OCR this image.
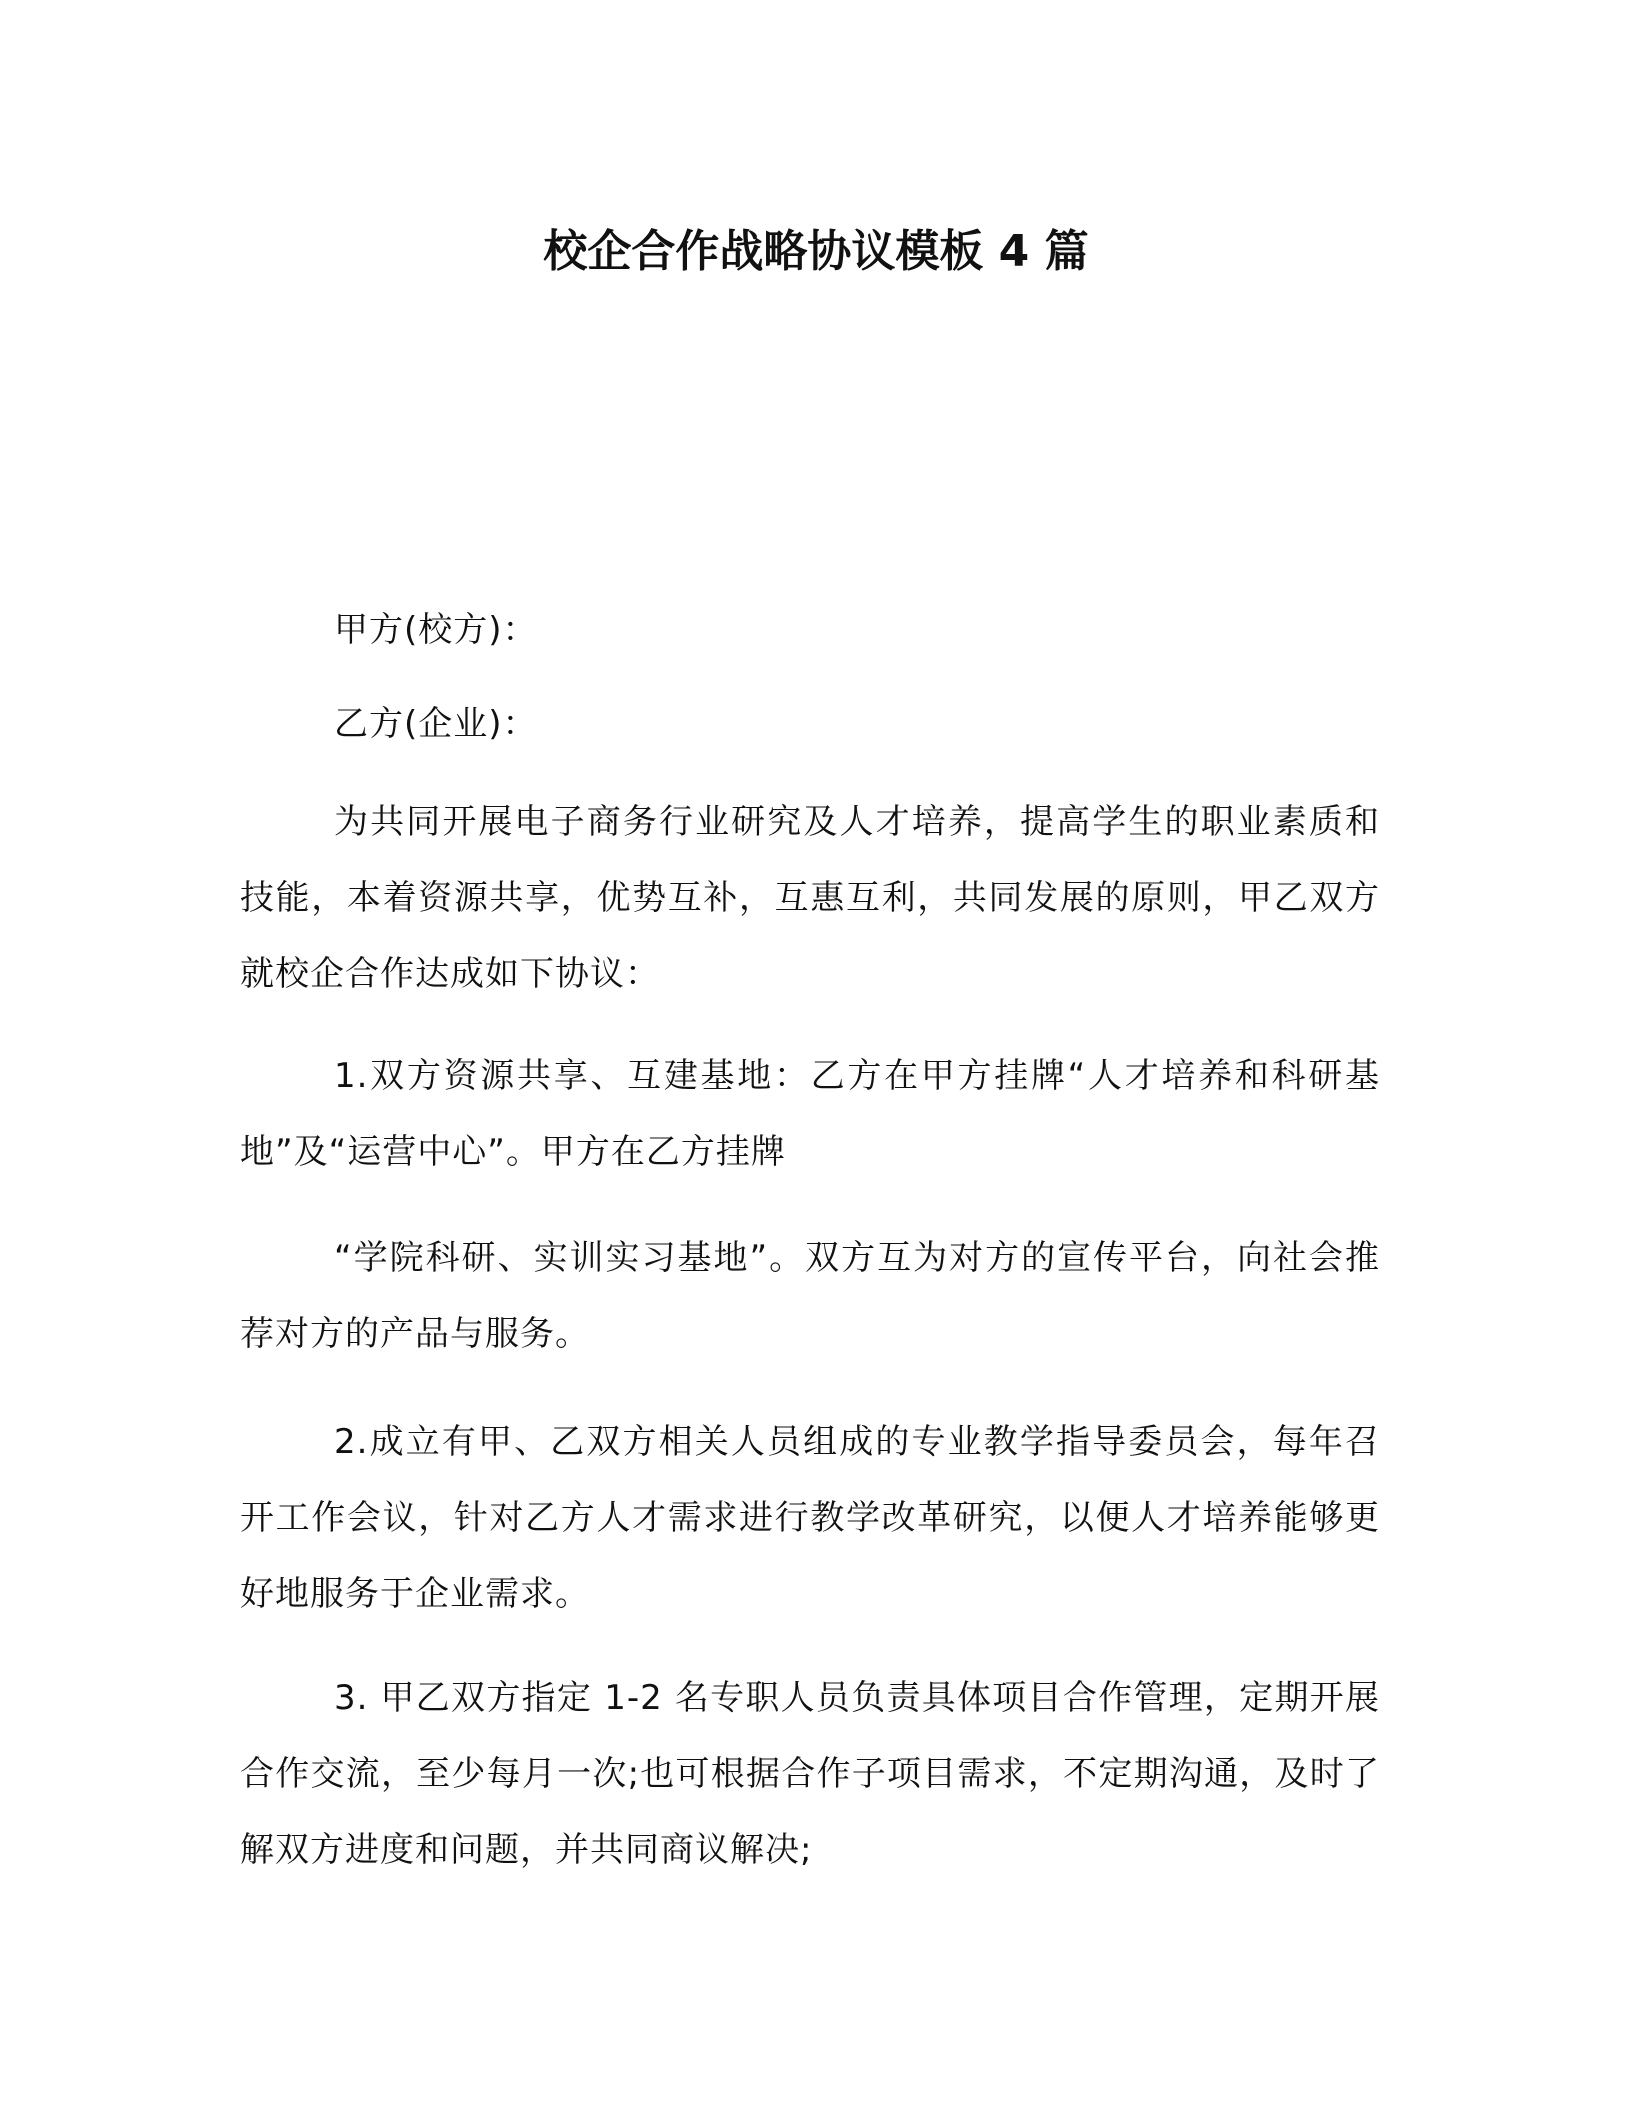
校企合作战略协议模板 4 篇

甲方(校方)：

乙方(企业)：

为共同开展电子商务行业研究及人才培养，提高学生的职业素质和技能，本着资源共享，优势互补，互惠互利，共同发展的原则，甲乙双方就校企合作达成如下协议：

1.双方资源共享、互建基地：乙方在甲方挂牌“人才培养和科研基地”及“运营中心”。甲方在乙方挂牌

“学院科研、实训实习基地”。双方互为对方的宣传平台，向社会推荐对方的产品与服务。

2.成立有甲、乙双方相关人员组成的专业教学指导委员会，每年召开工作会议，针对乙方人才需求进行教学改革研究，以便人才培养能够更好地服务于企业需求。

3. 甲乙双方指定 1-2 名专职人员负责具体项目合作管理，定期开展合作交流，至少每月一次;也可根据合作子项目需求，不定期沟通，及时了解双方进度和问题，并共同商议解决;
